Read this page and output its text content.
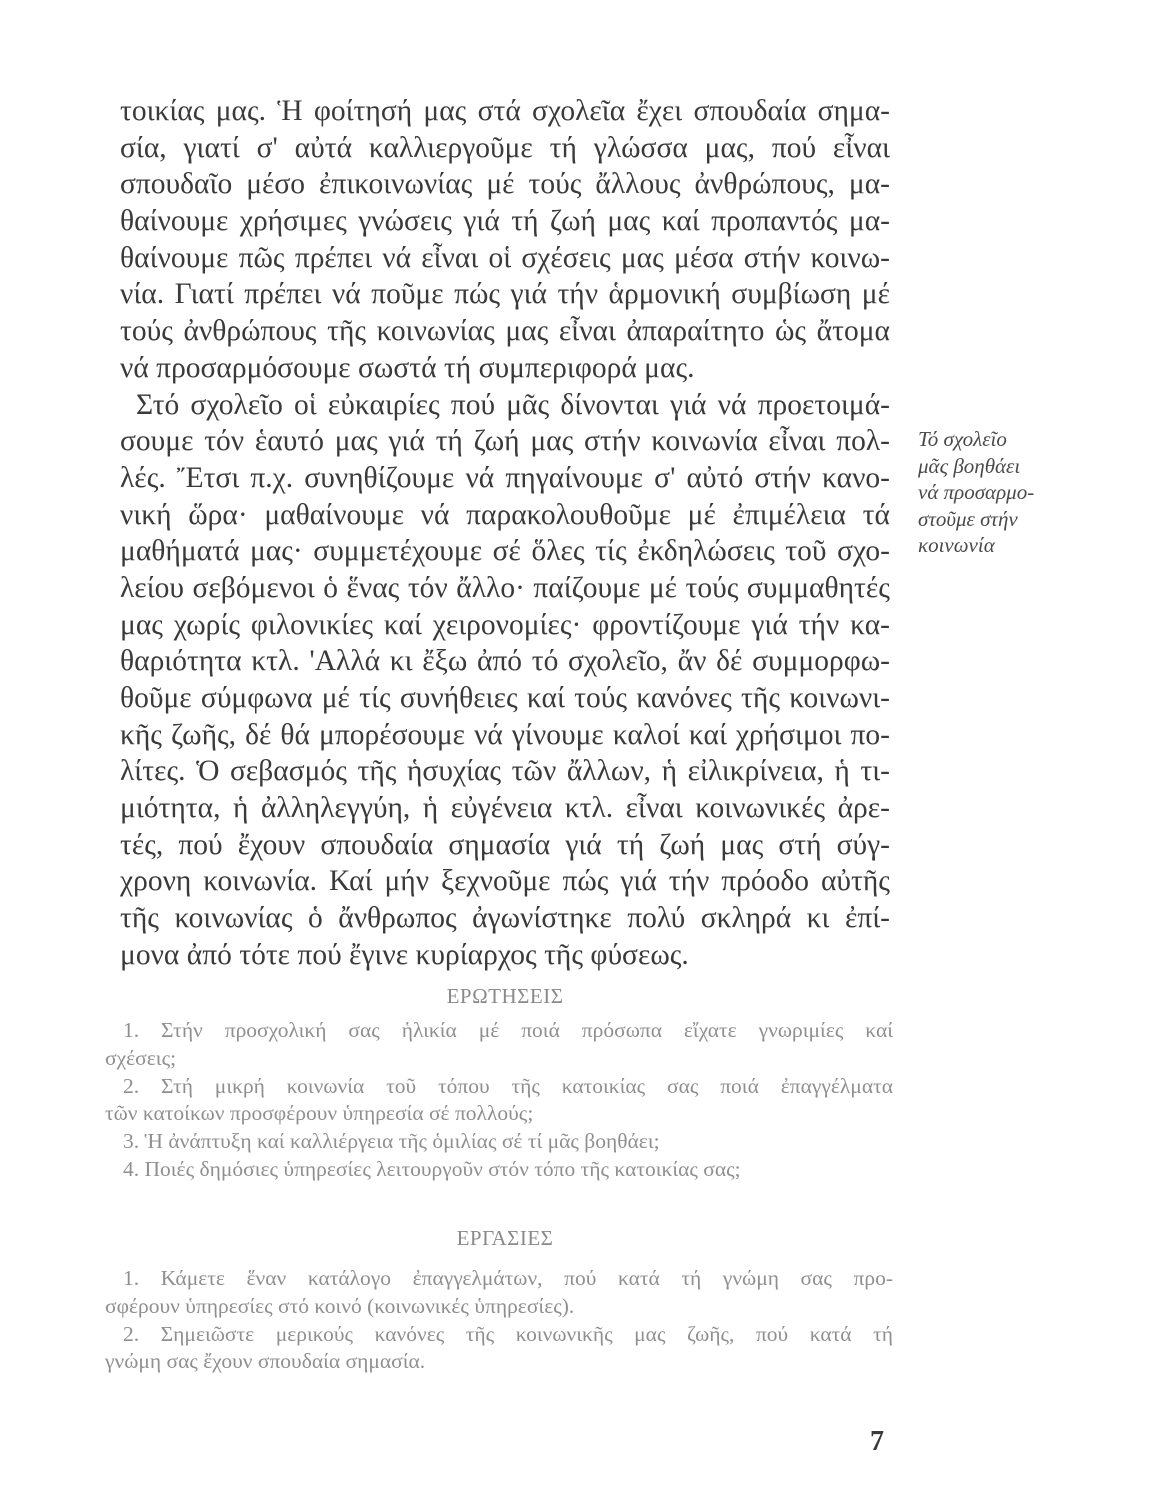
τοικίας μας. Ἡ φοίτησή μας στά σχολεῖα ἔχει σπουδαία σημα-
σία, γιατί σ' αὐτά καλλιεργοῦμε τή γλώσσα μας, πού εἶναι
σπουδαῖο μέσο ἐπικοινωνίας μέ τούς ἄλλους ἀνθρώπους, μα-
θαίνουμε χρήσιμες γνώσεις γιά τή ζωή μας καί προπαντός μα-
θαίνουμε πῶς πρέπει νά εἶναι οἱ σχέσεις μας μέσα στήν κοινω-
νία. Γιατί πρέπει νά ποῦμε πώς γιά τήν ἁρμονική συμβίωση μέ
τούς ἀνθρώπους τῆς κοινωνίας μας εἶναι ἀπαραίτητο ὡς ἄτομα
νά προσαρμόσουμε σωστά τή συμπεριφορά μας.
Στό σχολεῖο οἱ εὐκαιρίες πού μᾶς δίνονται γιά νά προετοιμά-
σουμε τόν ἑαυτό μας γιά τή ζωή μας στήν κοινωνία εἶναι πολ-
λές. Ἔτσι π.χ. συνηθίζουμε νά πηγαίνουμε σ' αὐτό στήν κανο-
νική ὥρα· μαθαίνουμε νά παρακολουθοῦμε μέ ἐπιμέλεια τά
μαθήματά μας· συμμετέχουμε σέ ὅλες τίς ἐκδηλώσεις τοῦ σχο-
λείου σεβόμενοι ὁ ἕνας τόν ἄλλο· παίζουμε μέ τούς συμμαθητές
μας χωρίς φιλονικίες καί χειρονομίες· φροντίζουμε γιά τήν κα-
θαριότητα κτλ. 'Αλλά κι ἔξω ἀπό τό σχολεῖο, ἄν δέ συμμορφω-
θοῦμε σύμφωνα μέ τίς συνήθειες καί τούς κανόνες τῆς κοινωνι-
κῆς ζωῆς, δέ θά μπορέσουμε νά γίνουμε καλοί καί χρήσιμοι πο-
λίτες. Ὁ σεβασμός τῆς ἡσυχίας τῶν ἄλλων, ἡ εἰλικρίνεια, ἡ τι-
μιότητα, ἡ ἀλληλεγγύη, ἡ εὐγένεια κτλ. εἶναι κοινωνικές ἀρε-
τές, πού ἔχουν σπουδαία σημασία γιά τή ζωή μας στή σύγ-
χρονη κοινωνία. Καί μήν ξεχνοῦμε πώς γιά τήν πρόοδο αὐτῆς
τῆς κοινωνίας ὁ ἄνθρωπος ἀγωνίστηκε πολύ σκληρά κι ἐπί-
μονα ἀπό τότε πού ἔγινε κυρίαρχος τῆς φύσεως.
Τό σχολεῖο
μᾶς βοηθάει
νά προσαρμο-
στοῦμε στήν
κοινωνία
ΕΡΩΤΗΣΕΙΣ
1. Στήν προσχολική σας ἡλικία μέ ποιά πρόσωπα εἴχατε γνωριμίες καί
σχέσεις;
2. Στή μικρή κοινωνία τοῦ τόπου τῆς κατοικίας σας ποιά ἐπαγγέλματα
τῶν κατοίκων προσφέρουν ὑπηρεσία σέ πολλούς;
3. Ἡ ἀνάπτυξη καί καλλιέργεια τῆς ὁμιλίας σέ τί μᾶς βοηθάει;
4. Ποιές δημόσιες ὑπηρεσίες λειτουργοῦν στόν τόπο τῆς κατοικίας σας;
ΕΡΓΑΣΙΕΣ
1. Κάμετε ἕναν κατάλογο ἐπαγγελμάτων, πού κατά τή γνώμη σας προ-
σφέρουν ὑπηρεσίες στό κοινό (κοινωνικές ὑπηρεσίες).
2. Σημειῶστε μερικούς κανόνες τῆς κοινωνικῆς μας ζωῆς, πού κατά τή
γνώμη σας ἔχουν σπουδαία σημασία.
7
